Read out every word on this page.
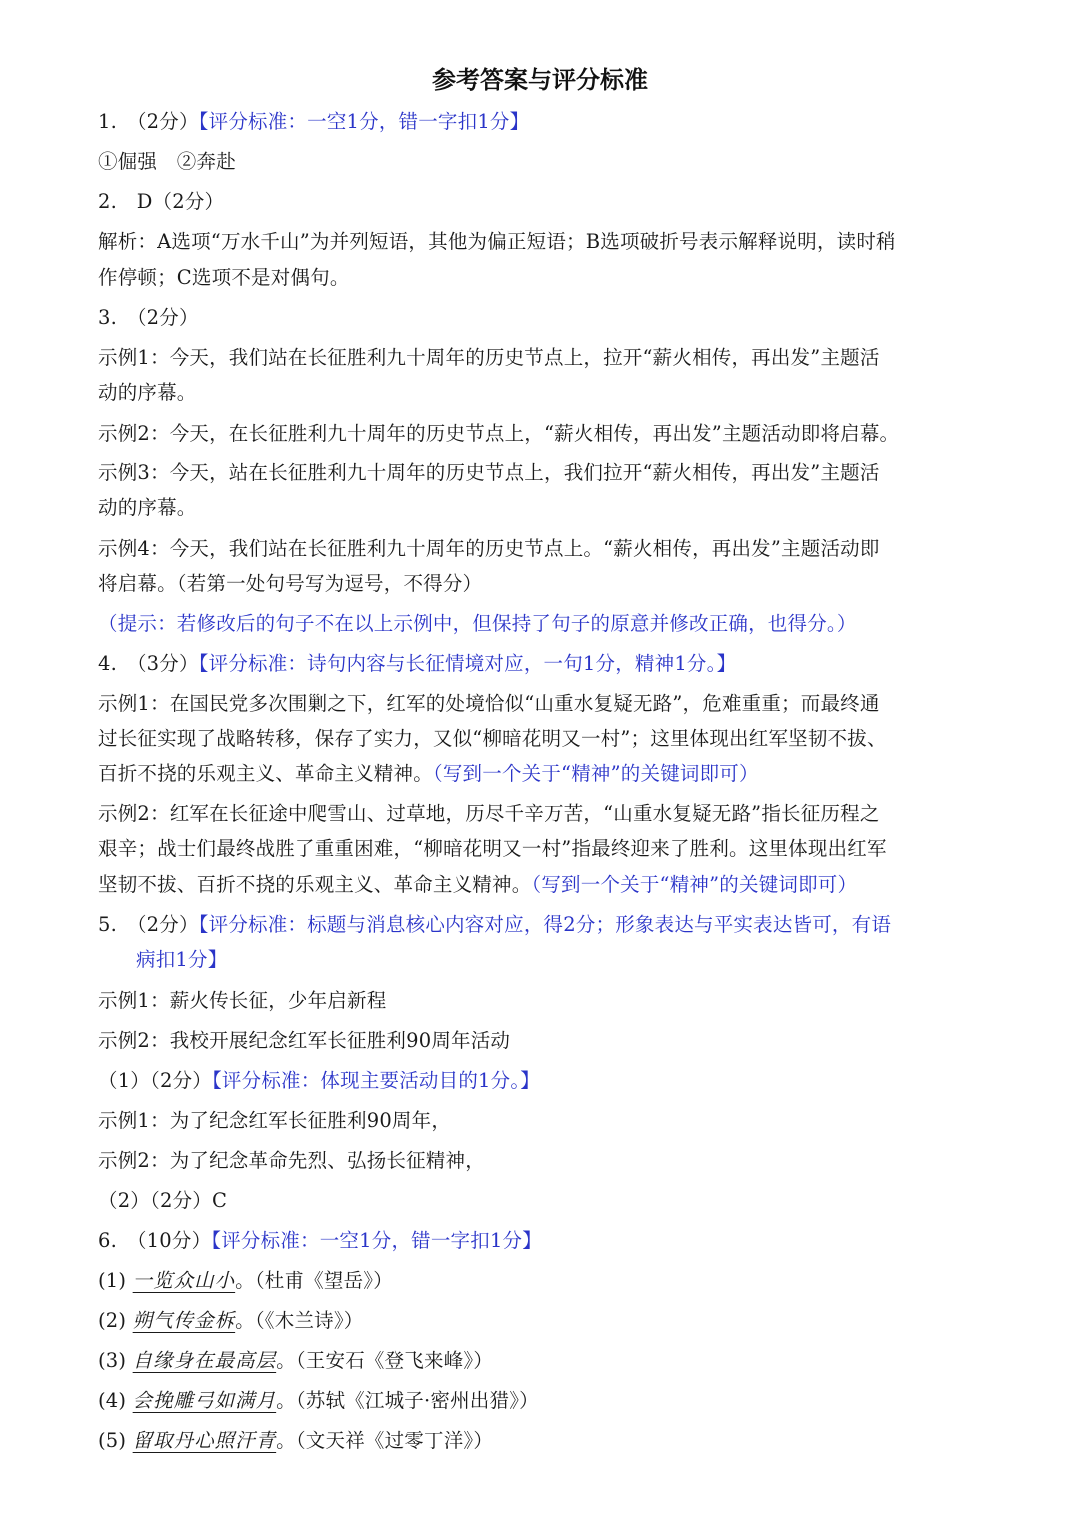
参考答案与评分标准
1.　（2分）【评分标准：一空1分，错一字扣1分】
①倔强　②奔赴
2.　D（2分）
解析：A选项“万水千山”为并列短语，其他为偏正短语；B选项破折号表示解释说明，读时稍
作停顿；C选项不是对偶句。
3.　（2分）
示例1：今天，我们站在长征胜利九十周年的历史节点上，拉开“薪火相传，再出发”主题活
动的序幕。
示例2：今天，在长征胜利九十周年的历史节点上，“薪火相传，再出发”主题活动即将启幕。
示例3：今天，站在长征胜利九十周年的历史节点上，我们拉开“薪火相传，再出发”主题活
动的序幕。
示例4：今天，我们站在长征胜利九十周年的历史节点上。“薪火相传，再出发”主题活动即
将启幕。（若第一处句号写为逗号，不得分）
（提示：若修改后的句子不在以上示例中，但保持了句子的原意并修改正确，也得分。）
4.　（3分）【评分标准：诗句内容与长征情境对应，一句1分，精神1分。】
示例1：在国民党多次围剿之下，红军的处境恰似“山重水复疑无路”，危难重重；而最终通
过长征实现了战略转移，保存了实力，又似“柳暗花明又一村”；这里体现出红军坚韧不拔、
百折不挠的乐观主义、革命主义精神。（写到一个关于“精神”的关键词即可）
示例2：红军在长征途中爬雪山、过草地，历尽千辛万苦，“山重水复疑无路”指长征历程之
艰辛；战士们最终战胜了重重困难，“柳暗花明又一村”指最终迎来了胜利。这里体现出红军
坚韧不拔、百折不挠的乐观主义、革命主义精神。（写到一个关于“精神”的关键词即可）
5.　（2分）【评分标准：标题与消息核心内容对应，得2分；形象表达与平实表达皆可，有语
病扣1分】
示例1：薪火传长征，少年启新程
示例2：我校开展纪念红军长征胜利90周年活动
（1）（2分）【评分标准：体现主要活动目的1分。】
示例1：为了纪念红军长征胜利90周年，
示例2：为了纪念革命先烈、弘扬长征精神，
（2）（2分）C
6.　（10分）【评分标准：一空1分，错一字扣1分】
(1) 一览众山小。（杜甫《望岳》）
(2) 朔气传金柝。（《木兰诗》）
(3) 自缘身在最高层。（王安石《登飞来峰》）
(4) 会挽雕弓如满月。（苏轼《江城子·密州出猎》）
(5) 留取丹心照汗青。（文天祥《过零丁洋》）
